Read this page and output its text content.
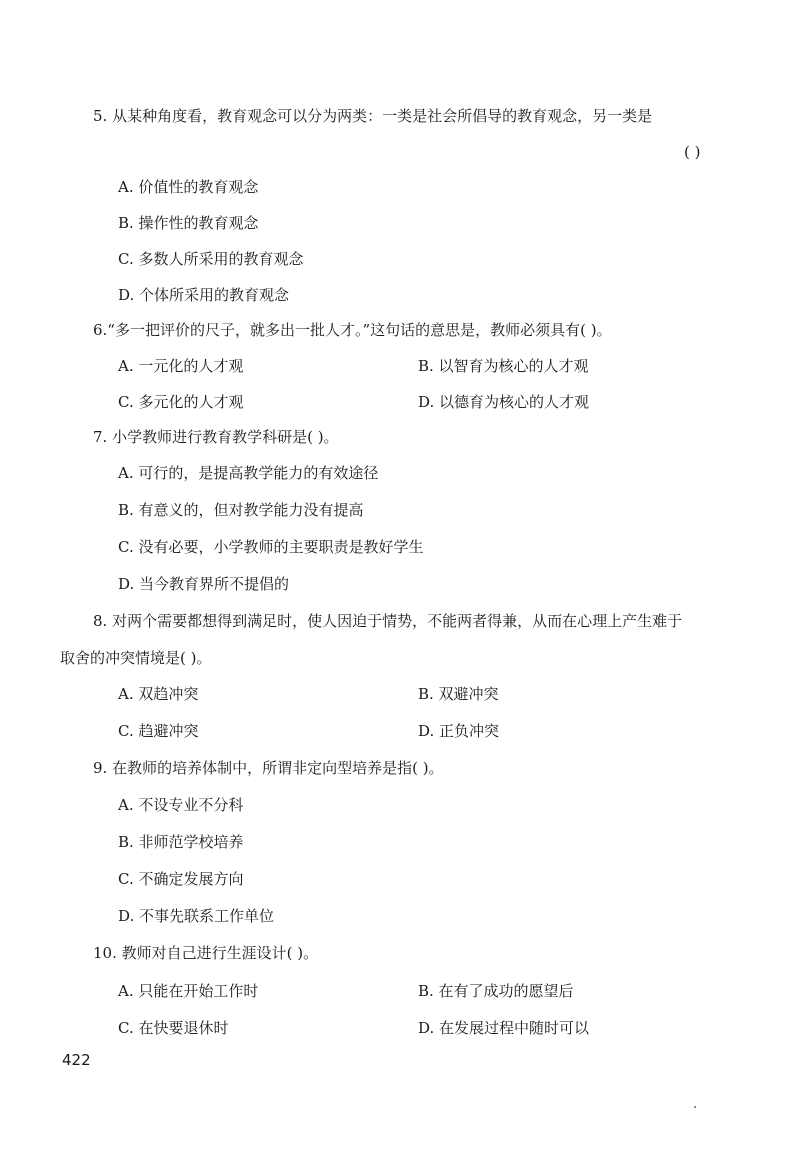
5. 从某种角度看，教育观念可以分为两类：一类是社会所倡导的教育观念，另一类是
( )
A. 价值性的教育观念
B. 操作性的教育观念
C. 多数人所采用的教育观念
D. 个体所采用的教育观念
6.“多一把评价的尺子，就多出一批人才。”这句话的意思是，教师必须具有( )。
A. 一元化的人才观	B. 以智育为核心的人才观
C. 多元化的人才观	D. 以德育为核心的人才观
7. 小学教师进行教育教学科研是( )。
A. 可行的，是提高教学能力的有效途径
B. 有意义的，但对教学能力没有提高
C. 没有必要，小学教师的主要职责是教好学生
D. 当今教育界所不提倡的
8. 对两个需要都想得到满足时，使人因迫于情势，不能两者得兼，从而在心理上产生难于
取舍的冲突情境是( )。
A. 双趋冲突	B. 双避冲突
C. 趋避冲突	D. 正负冲突
9. 在教师的培养体制中，所谓非定向型培养是指( )。
A. 不设专业不分科
B. 非师范学校培养
C. 不确定发展方向
D. 不事先联系工作单位
10. 教师对自己进行生涯设计( )。
A. 只能在开始工作时	B. 在有了成功的愿望后
C. 在快要退休时	D. 在发展过程中随时可以
422
